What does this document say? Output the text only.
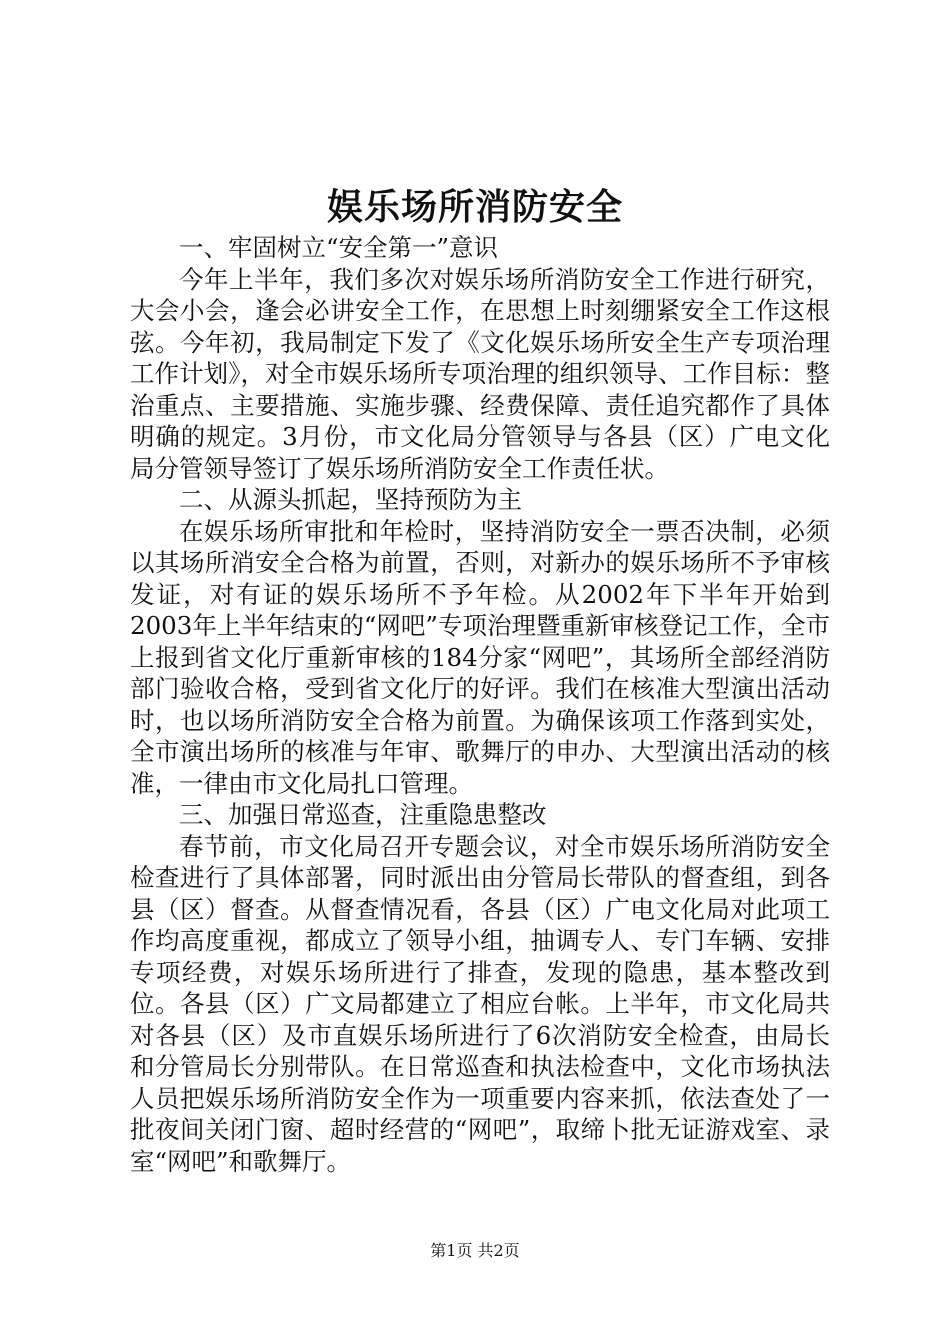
娱乐场所消防安全

一、牢固树立“安全第一”意识

今年上半年，我们多次对娱乐场所消防安全工作进行研究，大会小会，逢会必讲安全工作，在思想上时刻绷紧安全工作这根弦。今年初，我局制定下发了《文化娱乐场所安全生产专项治理工作计划》，对全市娱乐场所专项治理的组织领导、工作目标：整治重点、主要措施、实施步骤、经费保障、责任追究都作了具体明确的规定。3月份，市文化局分管领导与各县（区）广电文化局分管领导签订了娱乐场所消防安全工作责任状。

二、从源头抓起，坚持预防为主

在娱乐场所审批和年检时，坚持消防安全一票否决制，必须以其场所消安全合格为前置，否则，对新办的娱乐场所不予审核发证，对有证的娱乐场所不予年检。从2002年下半年开始到2003年上半年结束的“网吧”专项治理暨重新审核登记工作，全市上报到省文化厅重新审核的184分家“网吧”，其场所全部经消防部门验收合格，受到省文化厅的好评。我们在核准大型演出活动时，也以场所消防安全合格为前置。为确保该项工作落到实处，全市演出场所的核准与年审、歌舞厅的申办、大型演出活动的核准，一律由市文化局扎口管理。

三、加强日常巡查，注重隐患整改

春节前，市文化局召开专题会议，对全市娱乐场所消防安全检查进行了具体部署，同时派出由分管局长带队的督查组，到各县（区）督查。从督查情况看，各县（区）广电文化局对此项工作均高度重视，都成立了领导小组，抽调专人、专门车辆、安排专项经费，对娱乐场所进行了排查，发现的隐患，基本整改到位。各县（区）广文局都建立了相应台帐。上半年，市文化局共对各县（区）及市直娱乐场所进行了6次消防安全检查，由局长和分管局长分别带队。在日常巡查和执法检查中，文化市场执法人员把娱乐场所消防安全作为一项重要内容来抓，依法查处了一批夜间关闭门窗、超时经营的“网吧”，取缔卜批无证游戏室、录室“网吧”和歌舞厅。

第1页 共2页
